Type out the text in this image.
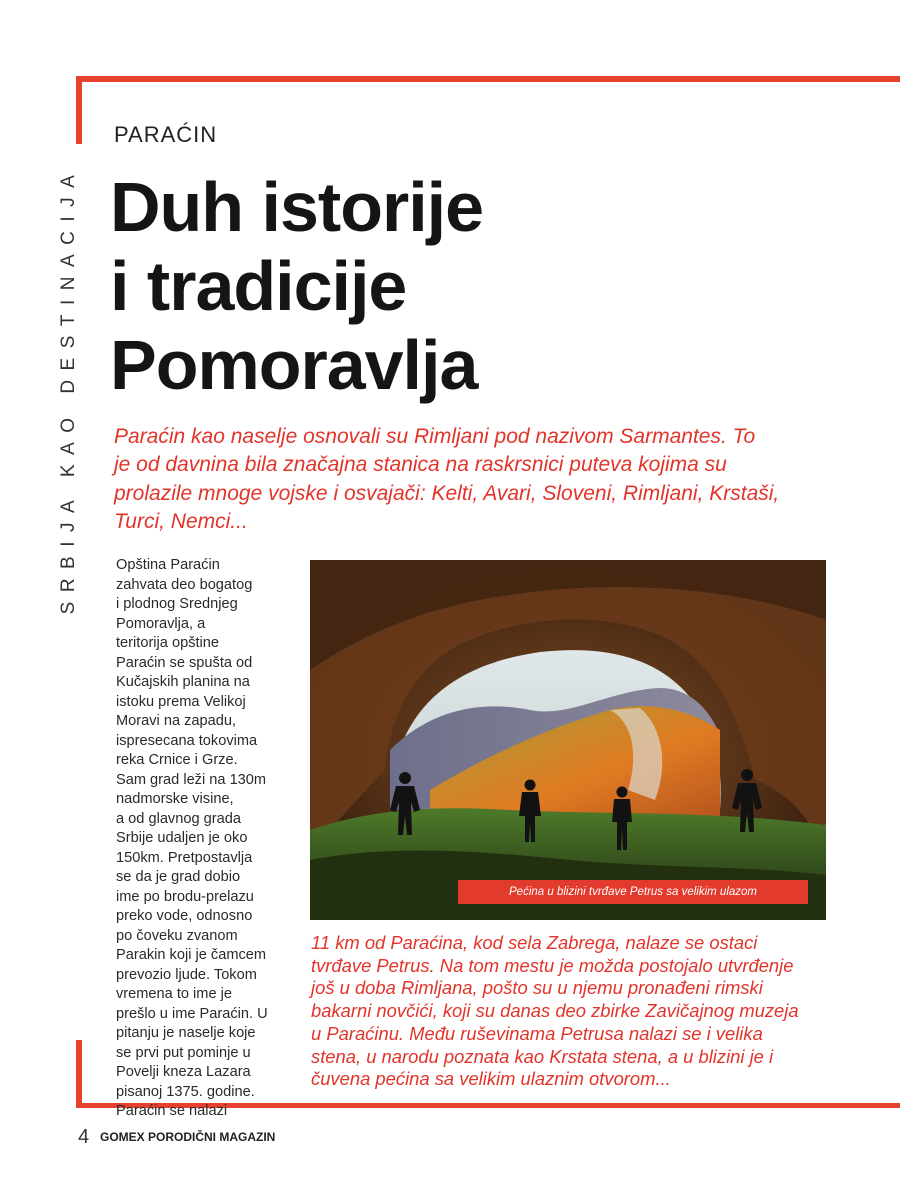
SRBIJA KAO DESTINACIJA
PARAĆIN
Duh istorije
i tradicije
Pomoravlja
Paraćin kao naselje osnovali su Rimljani pod nazivom Sarmantes. To
je od davnina bila značajna stanica na raskrsnici puteva kojima su
prolazile mnoge vojske i osvajači: Kelti, Avari, Sloveni, Rimljani, Krstaši,
Turci, Nemci...
Opština Paraćin
zahvata deo bogatog
i plodnog Srednjeg
Pomoravlja, a
teritorija opštine
Paraćin se spušta od
Kučajskih planina na
istoku prema Velikoj
Moravi na zapadu,
ispresecana tokovima
reka Crnice i Grze.
Sam grad leži na 130m
nadmorske visine,
a od glavnog grada
Srbije udaljen je oko
150km. Pretpostavlja
se da je grad dobio
ime po brodu-prelazu
preko vode, odnosno
po čoveku zvanom
Parakin koji je čamcem
prevozio ljude. Tokom
vremena to ime je
prešlo u ime Paraćin. U
pitanju je naselje koje
se prvi put pominje u
Povelji kneza Lazara
pisanoj 1375. godine.
Paraćin se nalazi
Pećina u blizini tvrđave Petrus sa velikim ulazom
11 km od Paraćina, kod sela Zabrega, nalaze se ostaci
tvrđave Petrus. Na tom mestu je možda postojalo utvrđenje
još u doba Rimljana, pošto su u njemu pronađeni rimski
bakarni novčići, koji su danas deo zbirke Zavičajnog muzeja
u Paraćinu. Među ruševinama Petrusa nalazi se i velika
stena, u narodu poznata kao Krstata stena, a u blizini je i
čuvena pećina sa velikim ulaznim otvorom...
4 GOMEX PORODIČNI MAGAZIN
